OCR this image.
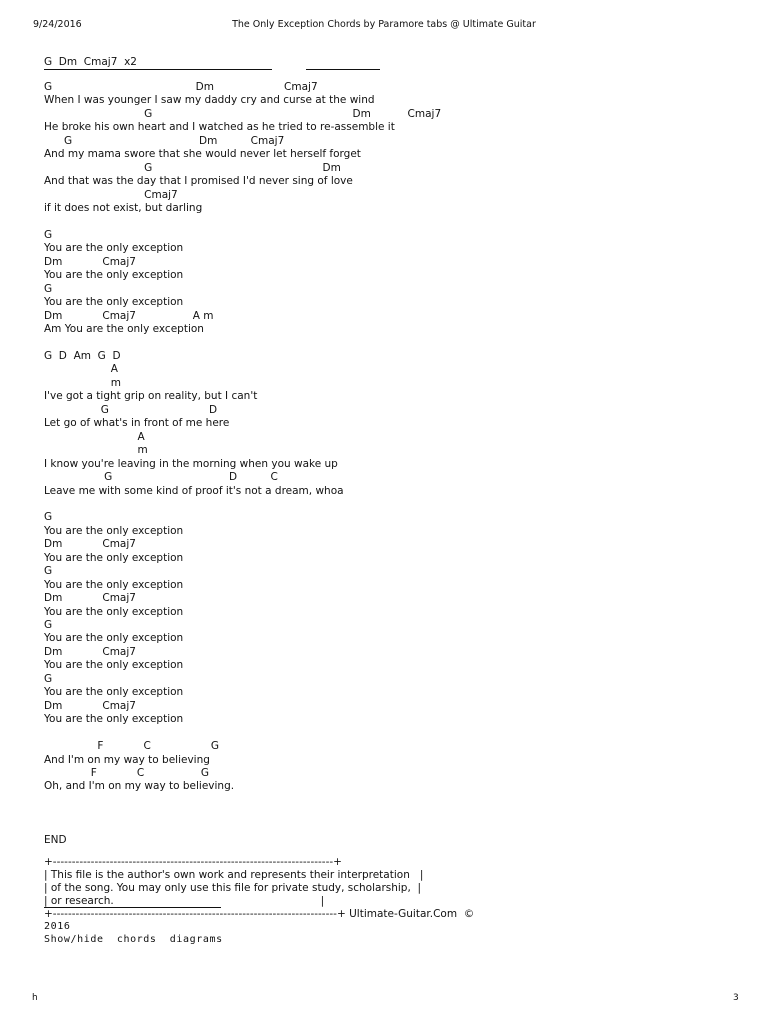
9/24/2016	The Only Exception Chords by Paramore tabs @ Ultimate Guitar
G  Dm  Cmaj7  x2
G                                           Dm                     Cmaj7
When I was younger I saw my daddy cry and curse at the wind
G                                                            Dm           Cmaj7
He broke his own heart and I watched as he tried to re-assemble it
G                                      Dm          Cmaj7
And my mama swore that she would never let herself forget
G                                                   Dm
And that was the day that I promised I'd never sing of love
Cmaj7
if it does not exist, but darling
G
You are the only exception
Dm            Cmaj7
You are the only exception
G
You are the only exception
Dm            Cmaj7                 A m
Am You are the only exception
G  D  Am  G  D
A
m
I've got a tight grip on reality, but I can't
G                              D
Let go of what's in front of me here
A
m
I know you're leaving in the morning when you wake up
G                                   D          C
Leave me with some kind of proof it's not a dream, whoa
G
You are the only exception
Dm            Cmaj7
You are the only exception
G
You are the only exception
Dm            Cmaj7
You are the only exception
G
You are the only exception
Dm            Cmaj7
You are the only exception
G
You are the only exception
Dm            Cmaj7
You are the only exception
F            C                  G
And I'm on my way to believing
F            C                 G
Oh, and I'm on my way to believing.
END
+--------------------------------------------------------------------------+
| This file is the author's own work and represents their interpretation   |
| of the song. You may only use this file for private study, scholarship,  |
| or research.                                                              |
+---------------------------------------------------------------------------+ Ultimate-Guitar.Com  ©
2016
Show/hide  chords  diagrams
h	3
